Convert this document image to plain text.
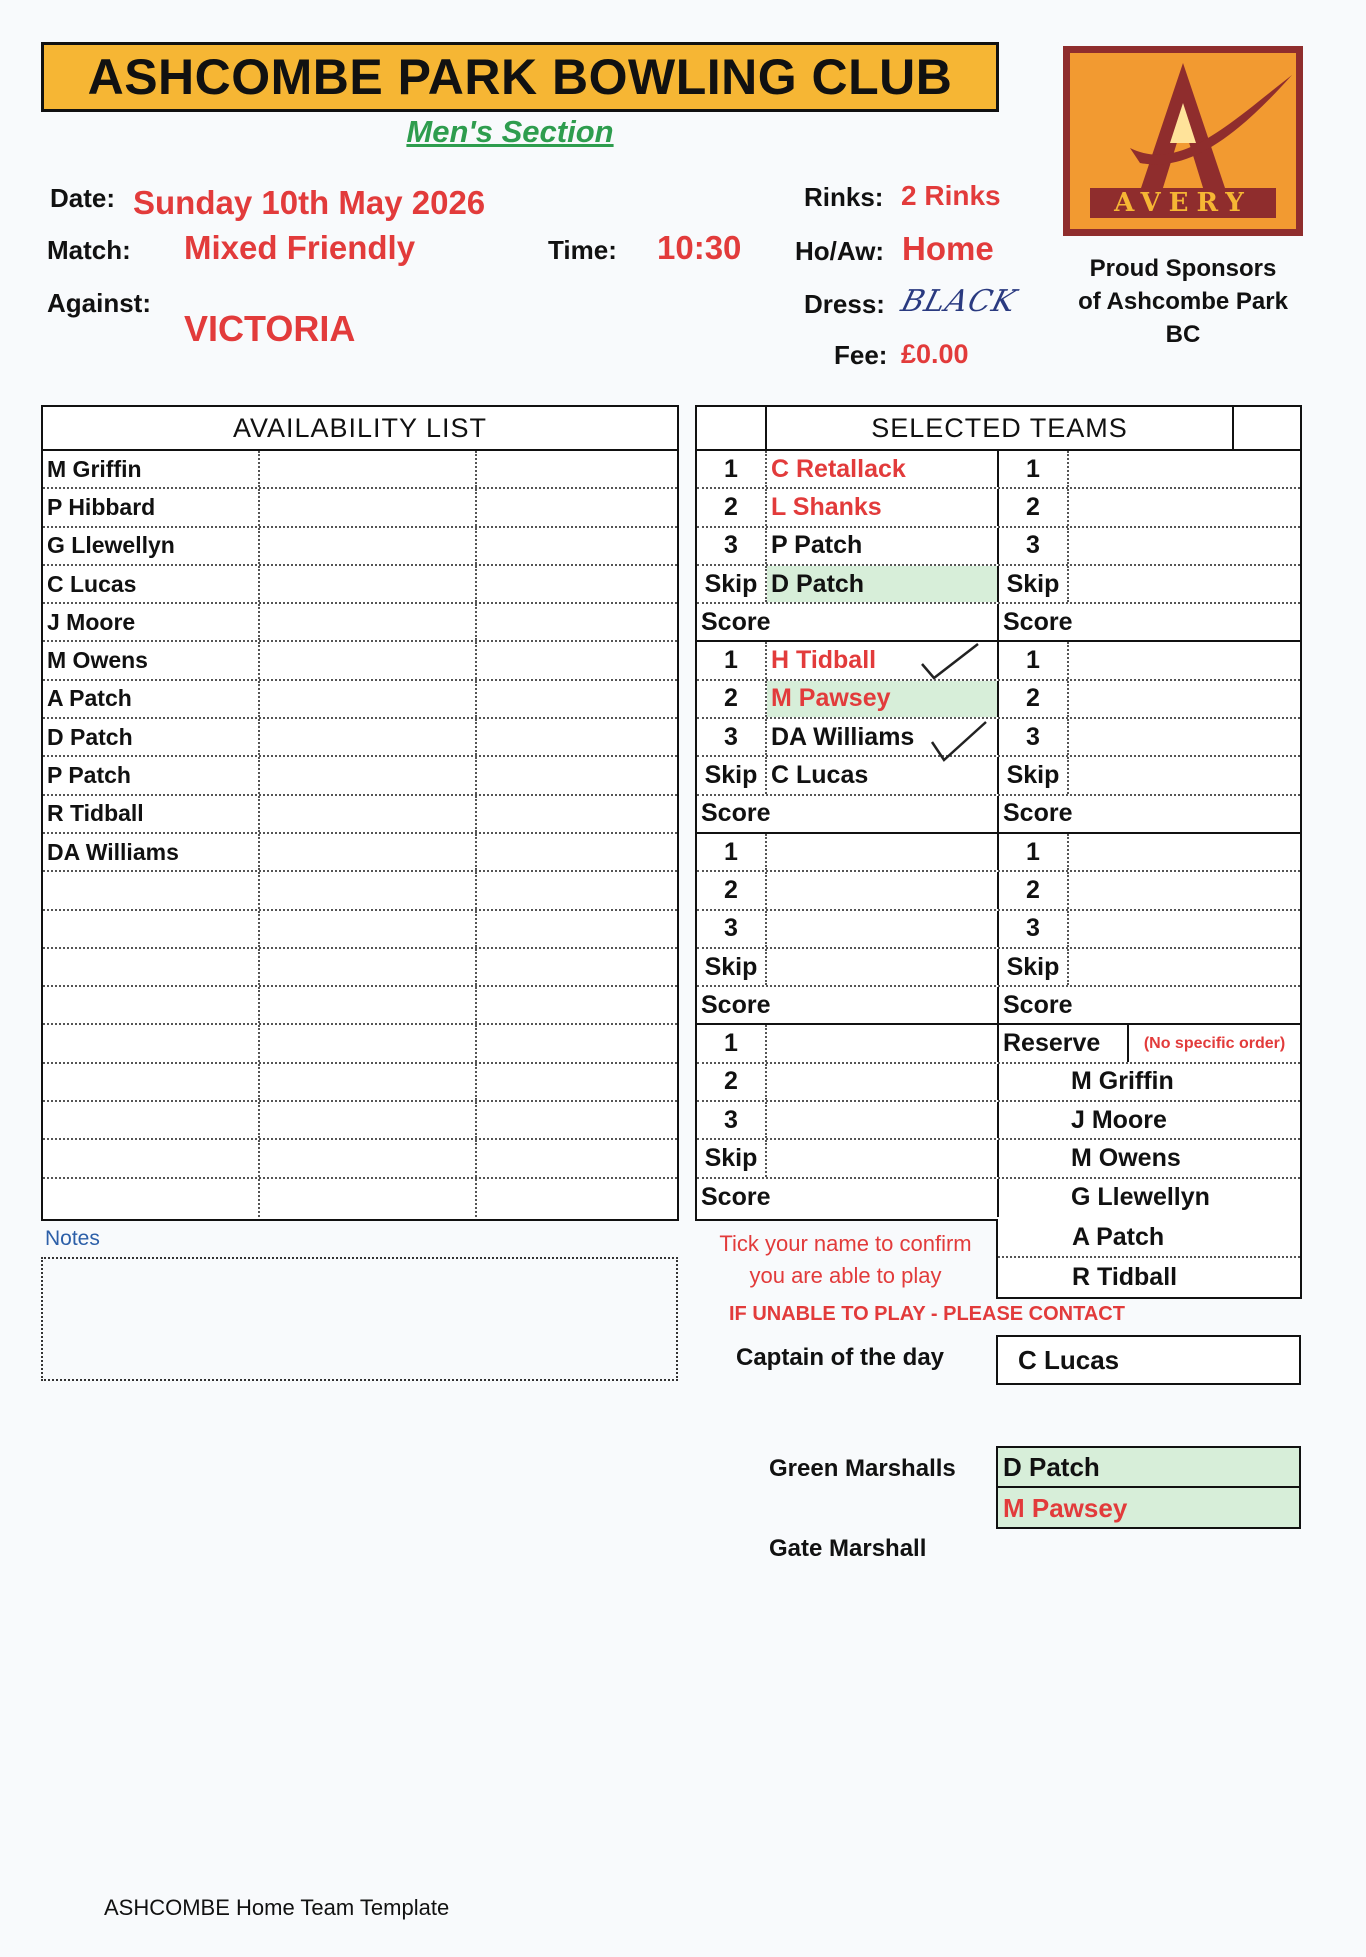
ASHCOMBE PARK BOWLING CLUB
Men's Section
Date: Sunday 10th May 2026
Match: Mixed Friendly	Time: 10:30
Against:
VICTORIA
Rinks: 2 Rinks
Ho/Aw: Home
Dress: BLACK
Fee: £0.00
AVERY
Proud Sponsors
of Ashcombe Park
BC
AVAILABILITY LIST
M Griffin
P Hibbard
G Llewellyn
C Lucas
J Moore
M Owens
A Patch
D Patch
P Patch
R Tidball
DA Williams
SELECTED TEAMS
1	C Retallack	1
2	L Shanks	2
3	P Patch	3
Skip D Patch	Skip
Score	Score
1	H Tidball	1
2	M Pawsey	2
3	DA Williams	3
Skip C Lucas	Skip
Score	Score
1	1
2	2
3	3
Skip	Skip
Score	Score
1	Reserve	(No specific order)
2	M Griffin
3	J Moore
Skip	M Owens
Score	G Llewellyn
A Patch
R Tidball
Notes	Tick your name to confirm
you are able to play
IF UNABLE TO PLAY - PLEASE CONTACT
Captain of the day	C Lucas
Green Marshalls D Patch
M Pawsey
Gate Marshall
ASHCOMBE Home Team Template
